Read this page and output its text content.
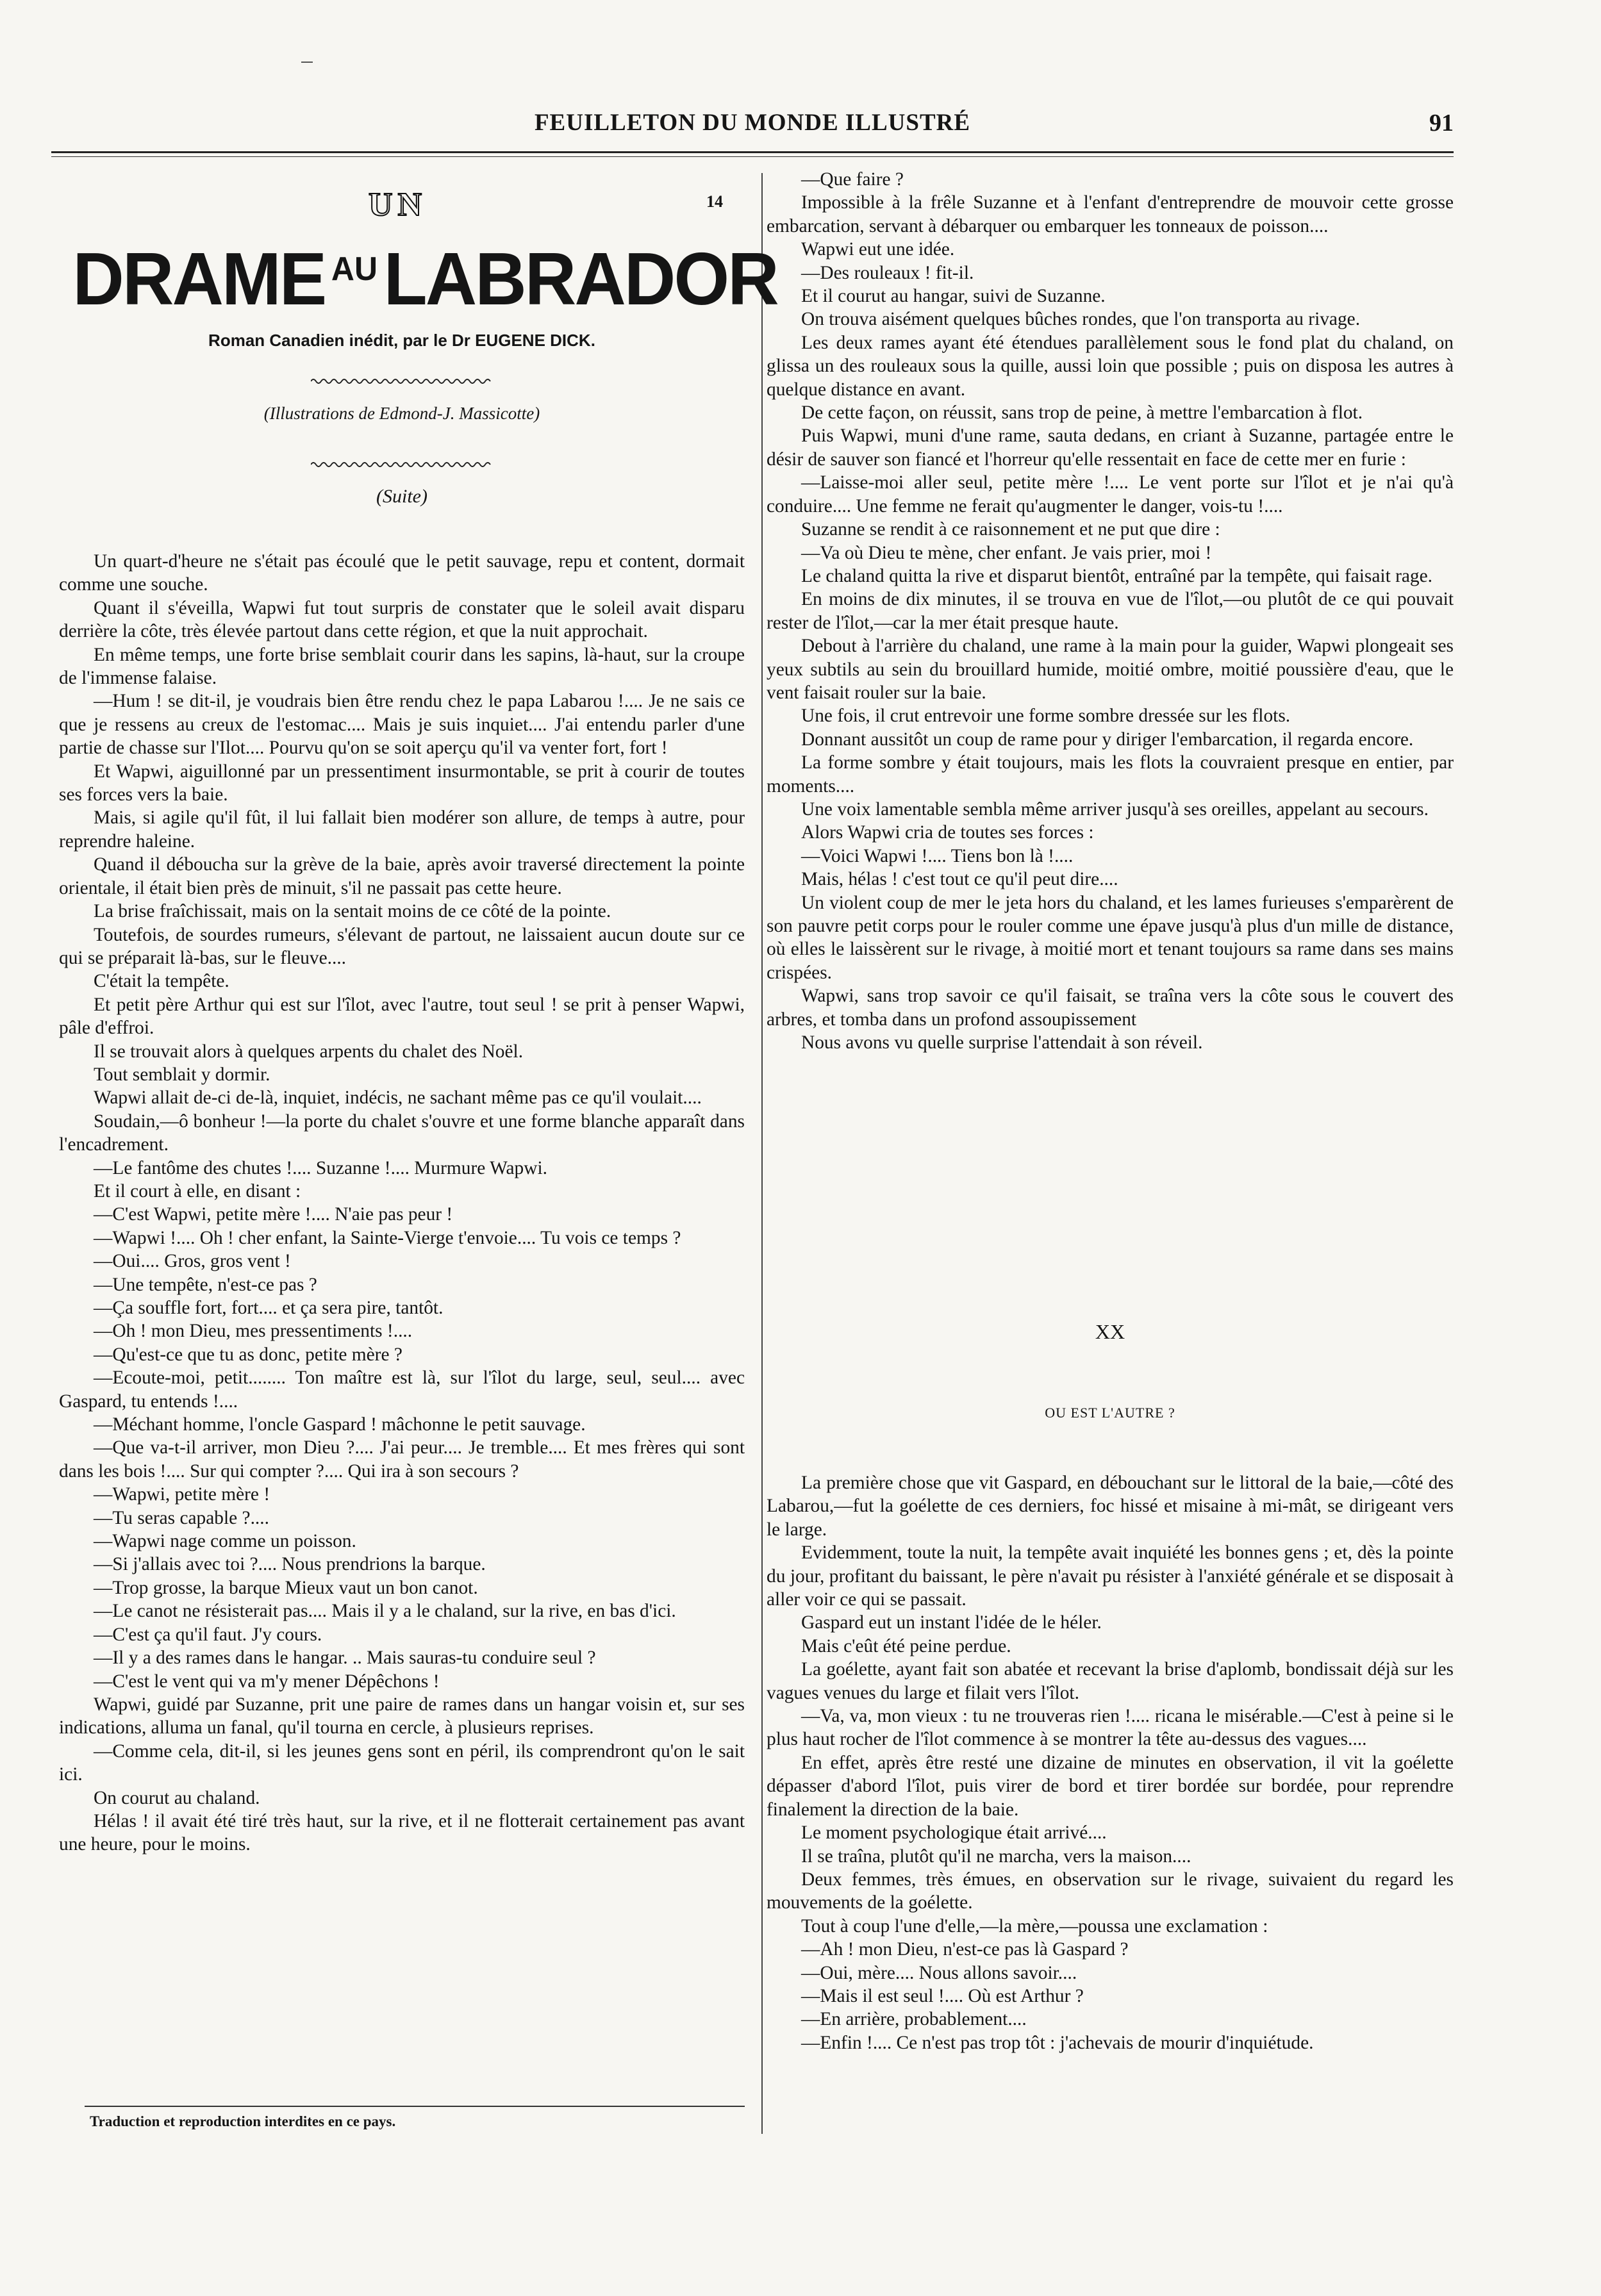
FEUILLETON DU MONDE ILLUSTRÉ	91
UN	14
DRAME $^{AU}$LABRADOR
Roman Canadien inédit, par le Dr EUGENE DICK.
(Illustrations de Edmond-J. Massicotte)
(Suite)

Un quart-d'heure ne s'était pas écoulé que le petit sauvage, repu et content, dormait comme une souche.

Quant il s'éveilla, Wapwi fut tout surpris de constater que le soleil avait disparu derrière la côte, très élevée partout dans cette région, et que la nuit approchait.

En même temps, une forte brise semblait courir dans les sapins, là-haut, sur la croupe de l'immense falaise.

—Hum ! se dit-il, je voudrais bien être rendu chez le papa Labarou !.... Je ne sais ce que je ressens au creux de l'estomac.... Mais je suis inquiet.... J'ai entendu parler d'une partie de chasse sur l'Ilot.... Pourvu qu'on se soit aperçu qu'il va venter fort, fort !

Et Wapwi, aiguillonné par un pressentiment insurmontable, se prit à courir de toutes ses forces vers la baie.

Mais, si agile qu'il fût, il lui fallait bien modérer son allure, de temps à autre, pour reprendre haleine.

Quand il déboucha sur la grève de la baie, après avoir traversé directement la pointe orientale, il était bien près de minuit, s'il ne passait pas cette heure.

La brise fraîchissait, mais on la sentait moins de ce côté de la pointe.

Toutefois, de sourdes rumeurs, s'élevant de partout, ne laissaient aucun doute sur ce qui se préparait là-bas, sur le fleuve....

C'était la tempête.

Et petit père Arthur qui est sur l'îlot, avec l'autre, tout seul ! se prit à penser Wapwi, pâle d'effroi.

Il se trouvait alors à quelques arpents du chalet des Noël.

Tout semblait y dormir.

Wapwi allait de-ci de-là, inquiet, indécis, ne sachant même pas ce qu'il voulait....

Soudain,—ô bonheur !—la porte du chalet s'ouvre et une forme blanche apparaît dans l'encadrement.

—Le fantôme des chutes !.... Suzanne !.... Murmure Wapwi.

Et il court à elle, en disant :

—C'est Wapwi, petite mère !.... N'aie pas peur !

—Wapwi !.... Oh ! cher enfant, la Sainte-Vierge t'envoie.... Tu vois ce temps ?

—Oui.... Gros, gros vent !

—Une tempête, n'est-ce pas ?

—Ça souffle fort, fort.... et ça sera pire, tantôt.

—Oh ! mon Dieu, mes pressentiments !....

—Qu'est-ce que tu as donc, petite mère ?

—Ecoute-moi, petit........ Ton maître est là, sur l'îlot du large, seul, seul.... avec Gaspard, tu entends !....

—Méchant homme, l'oncle Gaspard ! mâchonne le petit sauvage.

—Que va-t-il arriver, mon Dieu ?.... J'ai peur.... Je tremble.... Et mes frères qui sont dans les bois !.... Sur qui compter ?.... Qui ira à son secours ?

—Wapwi, petite mère !

—Tu seras capable ?....

—Wapwi nage comme un poisson.

—Si j'allais avec toi ?.... Nous prendrions la barque.

—Trop grosse, la barque Mieux vaut un bon canot.

—Le canot ne résisterait pas.... Mais il y a le chaland, sur la rive, en bas d'ici.

—C'est ça qu'il faut. J'y cours.

—Il y a des rames dans le hangar. .. Mais sauras-tu conduire seul ?

—C'est le vent qui va m'y mener Dépêchons !

Wapwi, guidé par Suzanne, prit une paire de rames dans un hangar voisin et, sur ses indications, alluma un fanal, qu'il tourna en cercle, à plusieurs reprises.

—Comme cela, dit-il, si les jeunes gens sont en péril, ils comprendront qu'on le sait ici.

On courut au chaland.

Hélas ! il avait été tiré très haut, sur la rive, et il ne flotterait certainement pas avant une heure, pour le moins.

Traduction et reproduction interdites en ce pays.

—Que faire ?

Impossible à la frêle Suzanne et à l'enfant d'entreprendre de mouvoir cette grosse embarcation, servant à débarquer ou embarquer les tonneaux de poisson....

Wapwi eut une idée.

—Des rouleaux ! fit-il.

Et il courut au hangar, suivi de Suzanne.

On trouva aisément quelques bûches rondes, que l'on transporta au rivage.

Les deux rames ayant été étendues parallèlement sous le fond plat du chaland, on glissa un des rouleaux sous la quille, aussi loin que possible ; puis on disposa les autres à quelque distance en avant.

De cette façon, on réussit, sans trop de peine, à mettre l'embarcation à flot.

Puis Wapwi, muni d'une rame, sauta dedans, en criant à Suzanne, partagée entre le désir de sauver son fiancé et l'horreur qu'elle ressentait en face de cette mer en furie :

—Laisse-moi aller seul, petite mère !.... Le vent porte sur l'îlot et je n'ai qu'à conduire.... Une femme ne ferait qu'augmenter le danger, vois-tu !....

Suzanne se rendit à ce raisonnement et ne put que dire :

—Va où Dieu te mène, cher enfant. Je vais prier, moi !

Le chaland quitta la rive et disparut bientôt, entraîné par la tempête, qui faisait rage.

En moins de dix minutes, il se trouva en vue de l'îlot,—ou plutôt de ce qui pouvait rester de l'îlot,—car la mer était presque haute.

Debout à l'arrière du chaland, une rame à la main pour la guider, Wapwi plongeait ses yeux subtils au sein du brouillard humide, moitié ombre, moitié poussière d'eau, que le vent faisait rouler sur la baie.

Une fois, il crut entrevoir une forme sombre dressée sur les flots.

Donnant aussitôt un coup de rame pour y diriger l'embarcation, il regarda encore.

La forme sombre y était toujours, mais les flots la couvraient presque en entier, par moments....

Une voix lamentable sembla même arriver jusqu'à ses oreilles, appelant au secours.

Alors Wapwi cria de toutes ses forces :

—Voici Wapwi !.... Tiens bon là !....

Mais, hélas ! c'est tout ce qu'il peut dire....

Un violent coup de mer le jeta hors du chaland, et les lames furieuses s'emparèrent de son pauvre petit corps pour le rouler comme une épave jusqu'à plus d'un mille de distance, où elles le laissèrent sur le rivage, à moitié mort et tenant toujours sa rame dans ses mains crispées.

Wapwi, sans trop savoir ce qu'il faisait, se traîna vers la côte sous le couvert des arbres, et tomba dans un profond assoupissement

Nous avons vu quelle surprise l'attendait à son réveil.

XX
OU EST L'AUTRE ?

La première chose que vit Gaspard, en débouchant sur le littoral de la baie,—côté des Labarou,—fut la goélette de ces derniers, foc hissé et misaine à mi-mât, se dirigeant vers le large.

Evidemment, toute la nuit, la tempête avait inquiété les bonnes gens ; et, dès la pointe du jour, profitant du baissant, le père n'avait pu résister à l'anxiété générale et se disposait à aller voir ce qui se passait.

Gaspard eut un instant l'idée de le héler.

Mais c'eût été peine perdue.

La goélette, ayant fait son abatée et recevant la brise d'aplomb, bondissait déjà sur les vagues venues du large et filait vers l'îlot.

—Va, va, mon vieux : tu ne trouveras rien !.... ricana le misérable.—C'est à peine si le plus haut rocher de l'îlot commence à se montrer la tête au-dessus des vagues....

En effet, après être resté une dizaine de minutes en observation, il vit la goélette dépasser d'abord l'îlot, puis virer de bord et tirer bordée sur bordée, pour reprendre finalement la direction de la baie.

Le moment psychologique était arrivé....

Il se traîna, plutôt qu'il ne marcha, vers la maison....

Deux femmes, très émues, en observation sur le rivage, suivaient du regard les mouvements de la goélette.

Tout à coup l'une d'elle,—la mère,—poussa une exclamation :

—Ah ! mon Dieu, n'est-ce pas là Gaspard ?

—Oui, mère.... Nous allons savoir....

—Mais il est seul !.... Où est Arthur ?

—En arrière, probablement....

—Enfin !.... Ce n'est pas trop tôt : j'achevais de mourir d'inquiétude.
